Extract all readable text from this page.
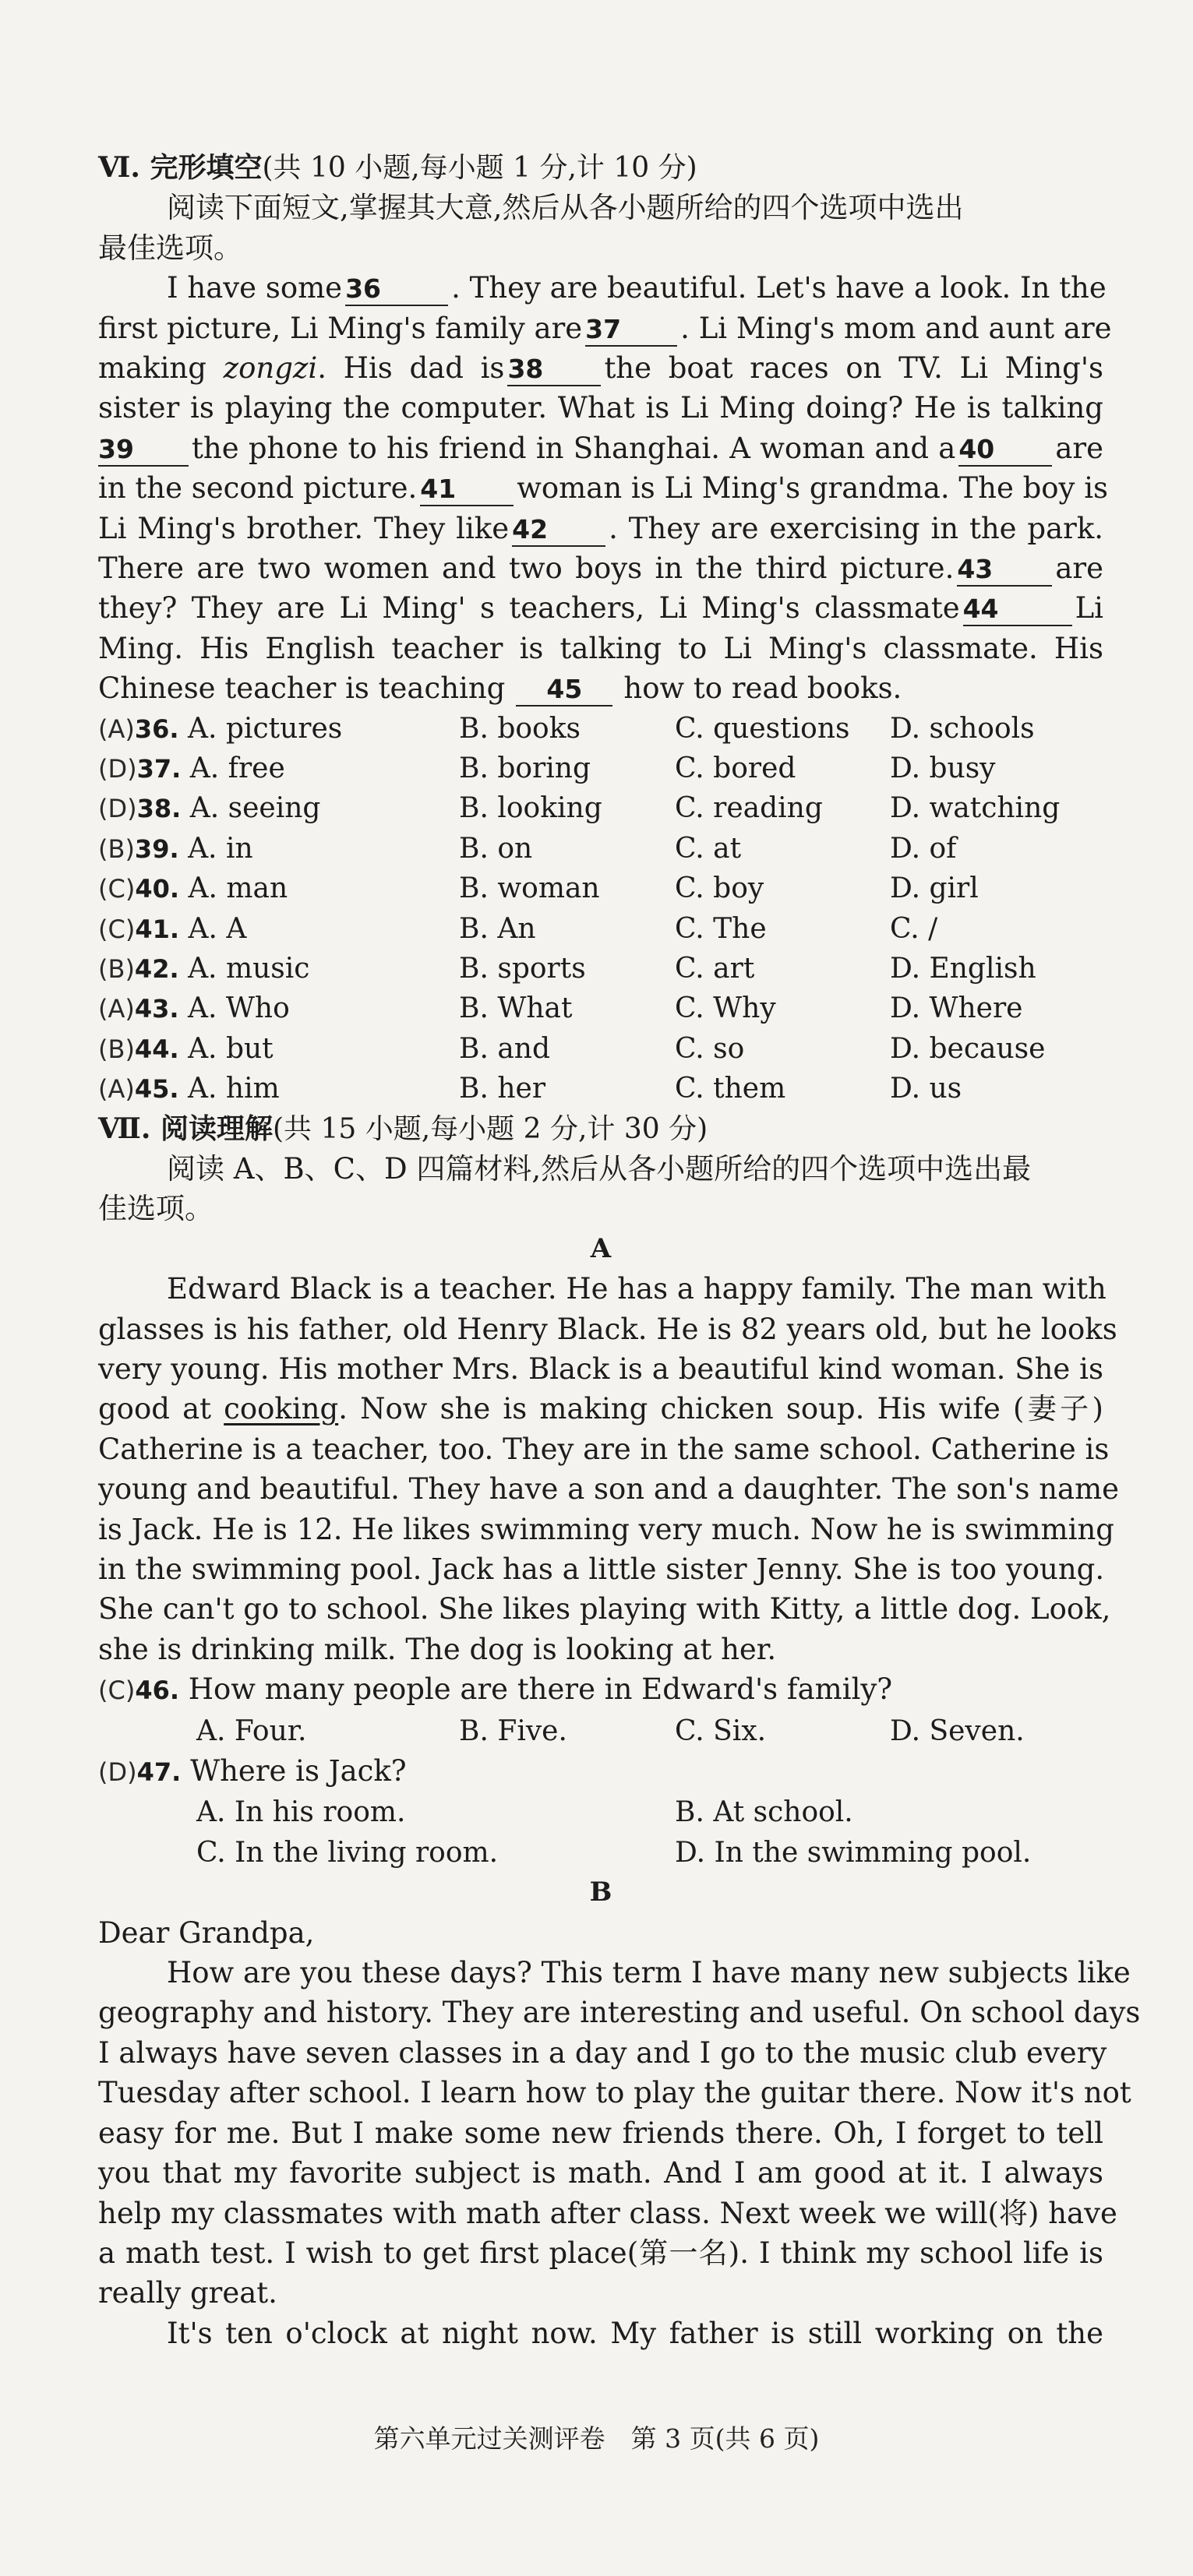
Ⅵ. 完形填空(共 10 小题,每小题 1 分,计 10 分)
阅读下面短文,掌握其大意,然后从各小题所给的四个选项中选出
最佳选项。
I have some 36 . They are beautiful. Let's have a look. In the
first picture, Li Ming's family are 37 . Li Ming's mom and aunt are
making zongzi. His dad is 38 the boat races on TV. Li Ming's
sister is playing the computer. What is Li Ming doing? He is talking
39 the phone to his friend in Shanghai. A woman and a 40 are
in the second picture. 41 woman is Li Ming's grandma. The boy is
Li Ming's brother. They like 42 . They are exercising in the park.
There are two women and two boys in the third picture. 43 are
they? They are Li Ming' s teachers, Li Ming's classmate 44	Li
Ming. His English teacher is talking to Li Ming's classmate. His
Chinese teacher is teaching 45 how to read books.
(A)36. A. pictures	B. books	C. questions D. schools
(D)37. A. free	B. boring	C. bored	D. busy
(D)38. A. seeing	B. looking	C. reading D. watching
(B)39. A. in	B. on	C. at	D. of
(C)40. A. man	B. woman	C. boy	D. girl
(C)41. A. A	B. An	C. The	C. /
(B)42. A. music	B. sports	C. art	D. English
(A)43. A. Who	B. What	C. Why	D. Where
(B)44. A. but	B. and	C. so	D. because
(A)45. A. him	B. her	C. them	D. us
Ⅶ. 阅读理解(共 15 小题,每小题 2 分,计 30 分)
阅读 A、B、C、D 四篇材料,然后从各小题所给的四个选项中选出最
佳选项。
A
Edward Black is a teacher. He has a happy family. The man with
glasses is his father, old Henry Black. He is 82 years old, but he looks
very young. His mother Mrs. Black is a beautiful kind woman. She is
good at cooking. Now she is making chicken soup. His wife (妻子)
Catherine is a teacher, too. They are in the same school. Catherine is
young and beautiful. They have a son and a daughter. The son's name
is Jack. He is 12. He likes swimming very much. Now he is swimming
in the swimming pool. Jack has a little sister Jenny. She is too young.
She can't go to school. She likes playing with Kitty, a little dog. Look,
she is drinking milk. The dog is looking at her.
(C)46. How many people are there in Edward's family?
A. Four.	B. Five.	C. Six.	D. Seven.
(D)47. Where is Jack?
A. In his room.	B. At school.
C. In the living room.	D. In the swimming pool.
B
Dear Grandpa,
How are you these days? This term I have many new subjects like
geography and history. They are interesting and useful. On school days
I always have seven classes in a day and I go to the music club every
Tuesday after school. I learn how to play the guitar there. Now it's not
easy for me. But I make some new friends there. Oh, I forget to tell
you that my favorite subject is math. And I am good at it. I always
help my classmates with math after class. Next week we will(将) have
a math test. I wish to get first place(第一名). I think my school life is
really great.
It's ten o'clock at night now. My father is still working on the
第六单元过关测评卷　第 3 页(共 6 页)
